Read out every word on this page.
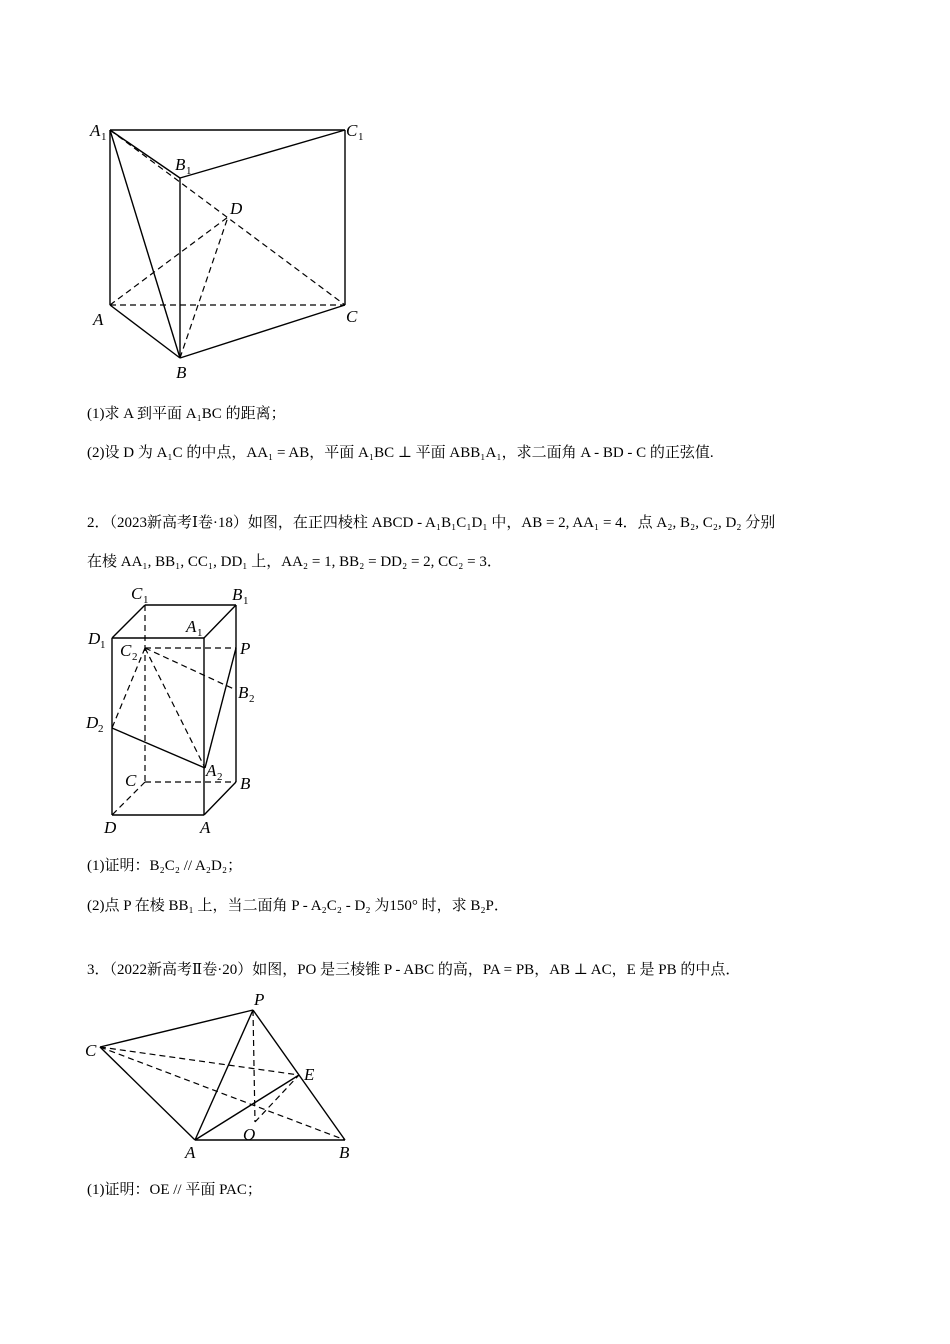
A 1	C 1
B 1
D
A	C
B
(1)求 A 到平面 A₁BC 的距离；
(2)设 D 为 A₁C 的中点，AA₁ = AB，平面 A₁BC ⊥ 平面 ABB₁A₁，求二面角 A - BD - C 的正弦值.
2．（2023新高考Ⅰ卷·18）如图，在正四棱柱 ABCD - A₁B₁C₁D₁ 中，AB = 2, AA₁ = 4．点 A₂, B₂, C₂, D₂ 分别
在棱 AA₁, BB₁, CC₁, DD₁ 上，AA₂ = 1, BB₂ = DD₂ = 2, CC₂ = 3．
C 1	B 1
A 1
D 1 C 2	P
B 2
D 2
A 2
C	B
D	A
(1)证明：B₂C₂ // A₂D₂；
(2)点 P 在棱 BB₁ 上，当二面角 P - A₂C₂ - D₂ 为150° 时，求 B₂P．
3．（2022新高考Ⅱ卷·20）如图，PO 是三棱锥 P - ABC 的高，PA = PB，AB ⊥ AC，E 是 PB 的中点．
P
C
E
O
A	B
(1)证明：OE // 平面 PAC；
